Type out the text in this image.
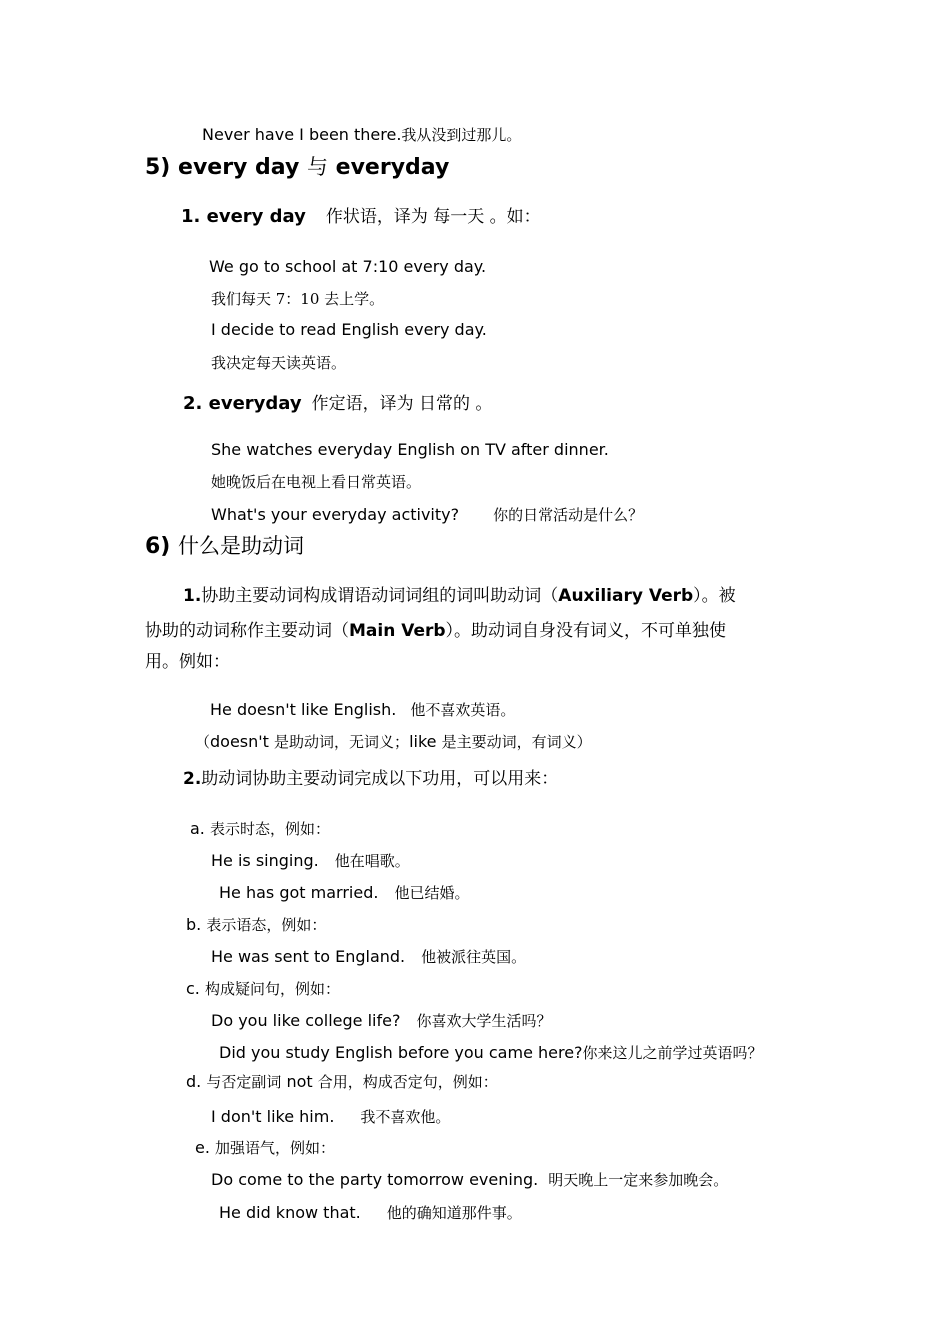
Never have I been there.我从没到过那儿。
5) every day 与 everyday
1. every day 作状语，译为 每一天 。如：
We go to school at 7:10 every day.
我们每天 7：10 去上学。
I decide to read English every day.
我决定每天读英语。
2. everyday 作定语，译为 日常的 。
She watches everyday English on TV after dinner.
她晚饭后在电视上看日常英语。
What's your everyday activity? 你的日常活动是什么？
6) 什么是助动词
1.协助主要动词构成谓语动词词组的词叫助动词（Auxiliary Verb）。被
协助的动词称作主要动词（Main Verb）。助动词自身没有词义，不可单独使
用。例如：
He doesn't like English. 他不喜欢英语。
（doesn't 是助动词，无词义；like 是主要动词，有词义）
2.助动词协助主要动词完成以下功用，可以用来：
a. 表示时态，例如：
He is singing. 他在唱歌。
He has got married. 他已结婚。
b. 表示语态，例如：
He was sent to England. 他被派往英国。
c. 构成疑问句，例如：
Do you like college life? 你喜欢大学生活吗？
Did you study English before you came here?你来这儿之前学过英语吗？
d. 与否定副词 not 合用，构成否定句，例如：
I don't like him. 我不喜欢他。
e. 加强语气，例如：
Do come to the party tomorrow evening. 明天晚上一定来参加晚会。
He did know that. 他的确知道那件事。
